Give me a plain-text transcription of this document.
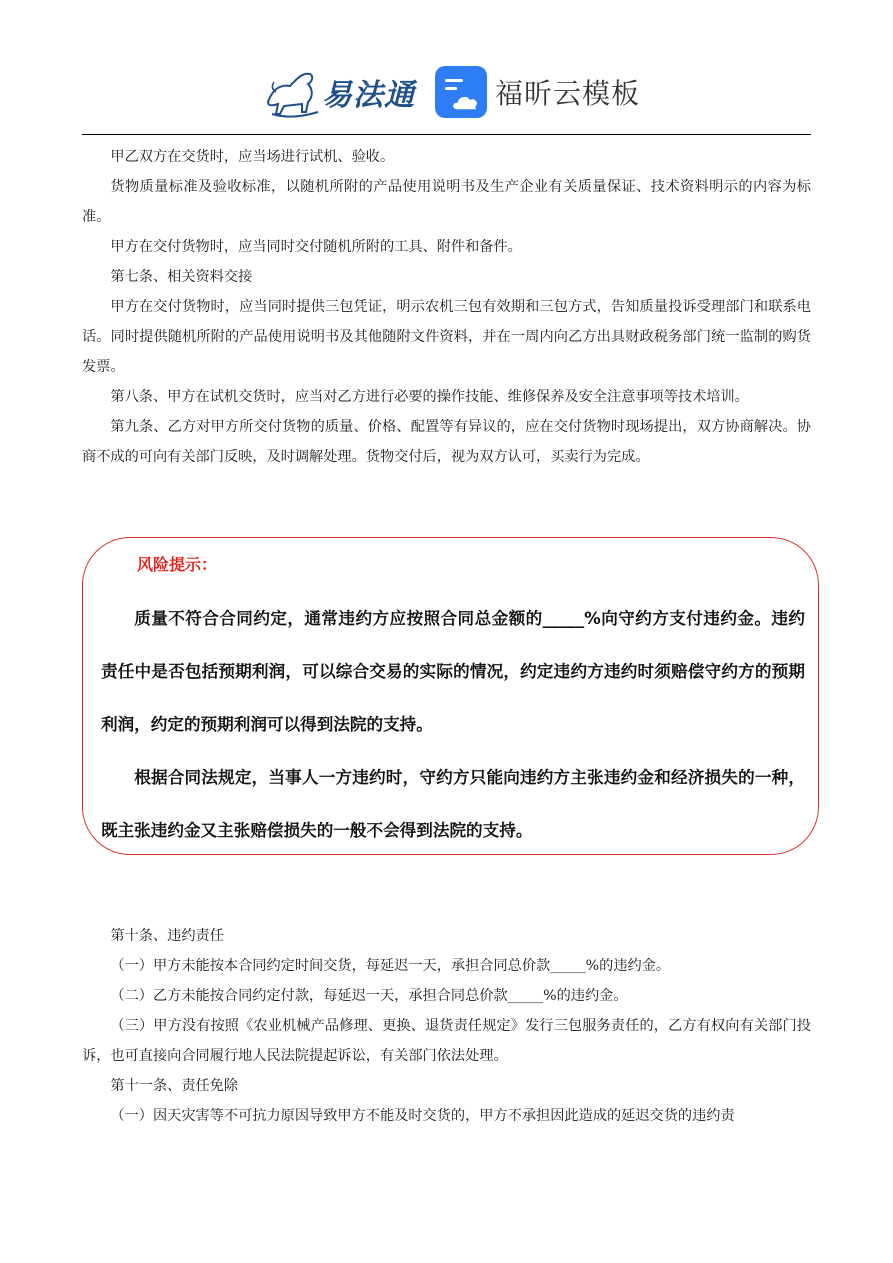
易法通	福昕云模板

甲乙双方在交货时，应当场进行试机、验收。

货物质量标准及验收标准，以随机所附的产品使用说明书及生产企业有关质量保证、技术资料明示的内容为标准。

甲方在交付货物时，应当同时交付随机所附的工具、附件和备件。

第七条、相关资料交接

甲方在交付货物时，应当同时提供三包凭证，明示农机三包有效期和三包方式，告知质量投诉受理部门和联系电话。同时提供随机所附的产品使用说明书及其他随附文件资料，并在一周内向乙方出具财政税务部门统一监制的购货发票。

第八条、甲方在试机交货时，应当对乙方进行必要的操作技能、维修保养及安全注意事项等技术培训。

第九条、乙方对甲方所交付货物的质量、价格、配置等有异议的，应在交付货物时现场提出，双方协商解决。协商不成的可向有关部门反映，及时调解处理。货物交付后，视为双方认可，买卖行为完成。

风险提示：

质量不符合合同约定，通常违约方应按照合同总金额的_____%向守约方支付违约金。违约责任中是否包括预期利润，可以综合交易的实际的情况，约定违约方违约时须赔偿守约方的预期利润，约定的预期利润可以得到法院的支持。

根据合同法规定，当事人一方违约时，守约方只能向违约方主张违约金和经济损失的一种，既主张违约金又主张赔偿损失的一般不会得到法院的支持。

第十条、违约责任

（一）甲方未能按本合同约定时间交货，每延迟一天，承担合同总价款_____%的违约金。

（二）乙方未能按合同约定付款，每延迟一天，承担合同总价款_____%的违约金。

（三）甲方没有按照《农业机械产品修理、更换、退货责任规定》发行三包服务责任的，乙方有权向有关部门投诉，也可直接向合同履行地人民法院提起诉讼，有关部门依法处理。

第十一条、责任免除

（一）因天灾害等不可抗力原因导致甲方不能及时交货的，甲方不承担因此造成的延迟交货的违约责
